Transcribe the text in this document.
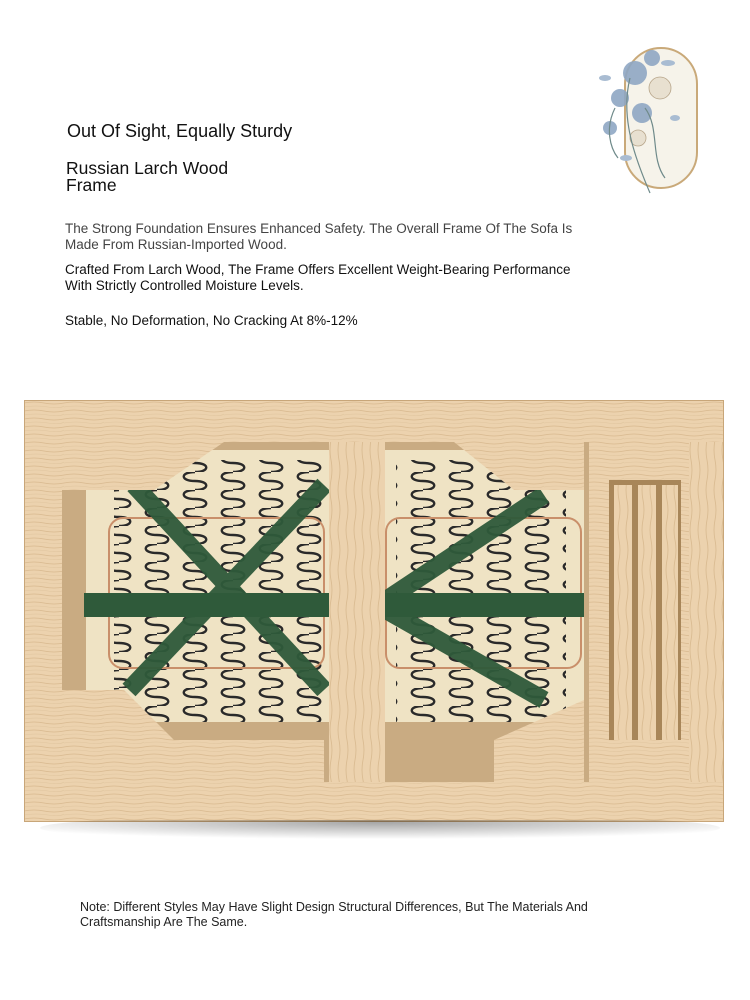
Out Of Sight, Equally Sturdy
Russian Larch Wood
Frame
The Strong Foundation Ensures Enhanced Safety. The Overall Frame Of The Sofa Is
Made From Russian-Imported Wood.
Crafted From Larch Wood, The Frame Offers Excellent Weight-Bearing Performance
With Strictly Controlled Moisture Levels.
Stable, No Deformation, No Cracking At 8%-12%
Note: Different Styles May Have Slight Design Structural Differences, But The Materials And
Craftsmanship Are The Same.
